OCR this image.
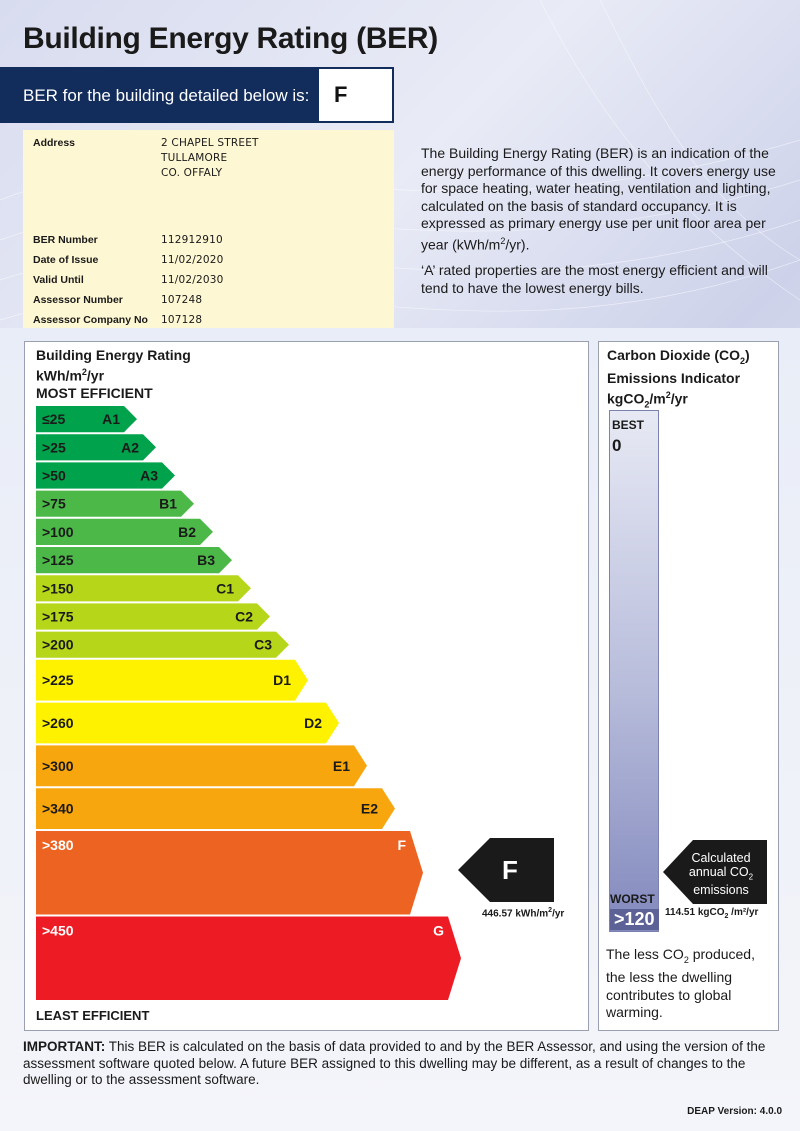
Building Energy Rating (BER)
BER for the building detailed below is: F
Address	2 CHAPEL STREET
TULLAMORE
CO. OFFALY
BER Number	112912910
Date of Issue	11/02/2020
Valid Until	11/02/2030
Assessor Number	107248
Assessor Company No 107128
The Building Energy Rating (BER) is an indication of the energy performance of this dwelling. It covers energy use for space heating, water heating, ventilation and lighting, calculated on the basis of standard occupancy. It is expressed as primary energy use per unit floor area per year $(kWh/m^2/yr)$.
‘A’ rated properties are the most energy efficient and will tend to have the lowest energy bills.
Building Energy Rating
kWh/$m^2/yr$
MOST EFFICIENT
Carbon Dioxide $(CO_2)$
Emissions Indicator
$kgCO_2/m^2/yr$
≤25	A1
>25	A2
>50	A3
>75	B1
>100	B2
>125	B3
>150	C1
>175	C2
>200	C3
>225	D1
>260	D2
>300	E1
>340	E2
>380	F
>450	G
F
446.57 kWh/$m^2/yr$
LEAST EFFICIENT
BEST
0
WORST
>120
Calculated
annual $CO_2$
emissions
114.51 kgCO$_2$ /m²/yr
The less $CO_2$ produced, the less the dwelling contributes to global warming.
IMPORTANT: This BER is calculated on the basis of data provided to and by the BER Assessor, and using the version of the assessment software quoted below. A future BER assigned to this dwelling may be different, as a result of changes to the dwelling or to the assessment software.
DEAP Version: 4.0.0
